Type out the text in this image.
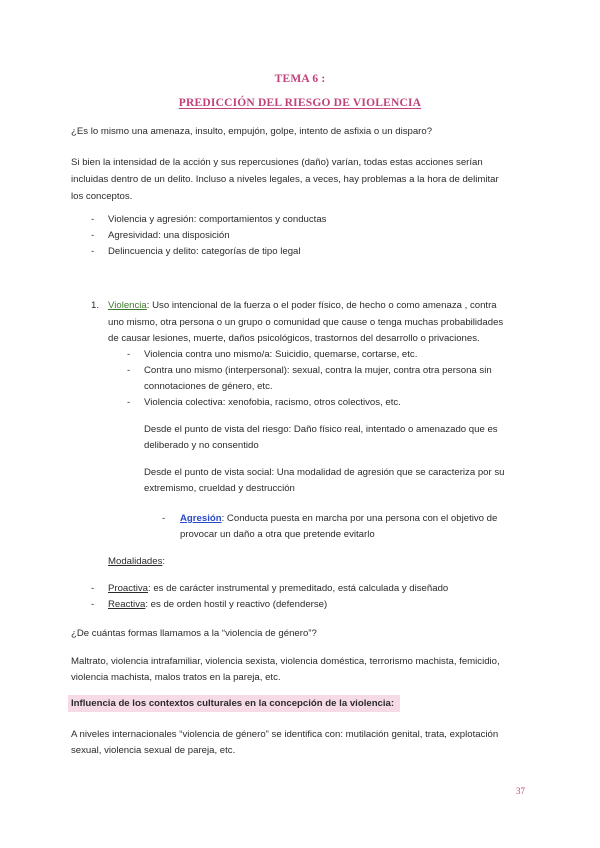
TEMA 6 :
PREDICCIÓN DEL RIESGO DE VIOLENCIA
¿Es lo mismo una amenaza, insulto, empujón, golpe, intento de asfixia o un disparo?
Si bien la intensidad de la acción y sus repercusiones (daño) varían, todas estas acciones serían
incluidas dentro de un delito. Incluso a niveles legales, a veces, hay problemas a la hora de delimitar
los conceptos.
- Violencia y agresión: comportamientos y conductas
- Agresividad: una disposición
- Delincuencia y delito: categorías de tipo legal
1. Violencia: Uso intencional de la fuerza o el poder físico, de hecho o como amenaza , contra
uno mismo, otra persona o un grupo o comunidad que cause o tenga muchas probabilidades
de causar lesiones, muerte, daños psicológicos, trastornos del desarrollo o privaciones.
- Violencia contra uno mismo/a: Suicidio, quemarse, cortarse, etc.
- Contra uno mismo (interpersonal): sexual, contra la mujer, contra otra persona sin
connotaciones de género, etc.
- Violencia colectiva: xenofobia, racismo, otros colectivos, etc.
Desde el punto de vista del riesgo: Daño físico real, intentado o amenazado que es
deliberado y no consentido
Desde el punto de vista social: Una modalidad de agresión que se caracteriza por su
extremismo, crueldad y destrucción
- Agresión: Conducta puesta en marcha por una persona con el objetivo de
provocar un daño a otra que pretende evitarlo
Modalidades:
- Proactiva: es de carácter instrumental y premeditado, está calculada y diseñado
- Reactiva: es de orden hostil y reactivo (defenderse)
¿De cuántas formas llamamos a la “violencia de género”?
Maltrato, violencia intrafamiliar, violencia sexista, violencia doméstica, terrorismo machista, femicidio,
violencia machista, malos tratos en la pareja, etc.
Influencia de los contextos culturales en la concepción de la violencia:
A niveles internacionales “violencia de género” se identifica con: mutilación genital, trata, explotación
sexual, violencia sexual de pareja, etc.
37
